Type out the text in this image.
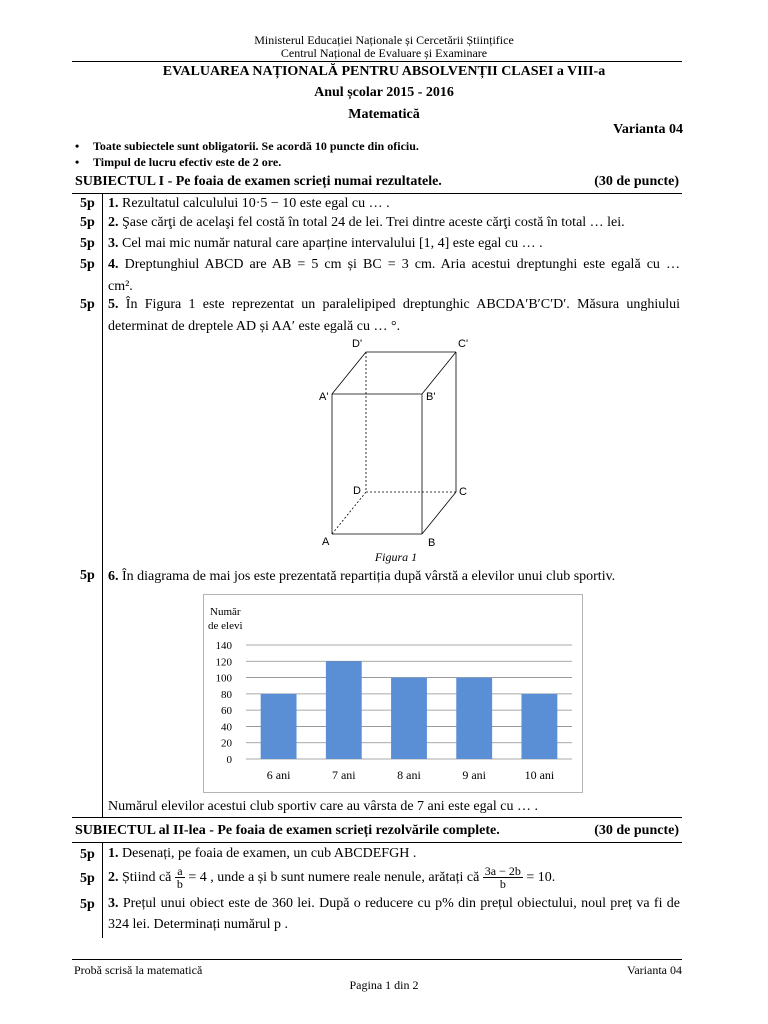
Ministerul Educației Naționale și Cercetării Științifice
Centrul Național de Evaluare și Examinare
EVALUAREA NAȚIONALĂ PENTRU ABSOLVENȚII CLASEI a VIII-a
Anul școlar 2015 - 2016
Matematică
Varianta 04
• Toate subiectele sunt obligatorii. Se acordă 10 puncte din oficiu.
• Timpul de lucru efectiv este de 2 ore.
SUBIECTUL I - Pe foaia de examen scrieți numai rezultatele.	(30 de puncte)
5p 1. Rezultatul calculului 10·5 − 10 este egal cu … .
5p 2. Şase cărţi de acelaşi fel costă în total 24 de lei. Trei dintre aceste cărţi costă în total … lei.
5p 3. Cel mai mic număr natural care aparține intervalului [1, 4] este egal cu … .
5p 4. Dreptunghiul ABCD are AB = 5 cm și BC = 3 cm. Aria acestui dreptunghi este egală cu …
cm².
5p 5. În Figura 1 este reprezentat un paralelipiped dreptunghic ABCDA′B′C′D′. Măsura unghiului
determinat de dreptele AD și AA′ este egală cu … °.
D'	C'
A'	B'
D	C
A	B
Figura 1
5p 6. În diagrama de mai jos este prezentată repartiția după vârstă a elevilor unui club sportiv.
Număr
de elevi
0
20
40
60
80
100
120
140
6 ani	7 ani	8 ani	9 ani	10 ani
Numărul elevilor acestui club sportiv care au vârsta de 7 ani este egal cu … .
SUBIECTUL al II-lea - Pe foaia de examen scrieți rezolvările complete.	(30 de puncte)
5p 1. Desenați, pe foaia de examen, un cub ABCDEFGH .
5p 2. Știind că $\frac{a}{b} = 4$ , unde a și b sunt numere reale nenule, arătați că $\frac{3a - 2b}{b} = 10$.
5p 3. Prețul unui obiect este de 360 lei. După o reducere cu p% din prețul obiectului, noul preț va fi de
324 lei. Determinați numărul p .
Probă scrisă la matematică	Varianta 04
Pagina 1 din 2
